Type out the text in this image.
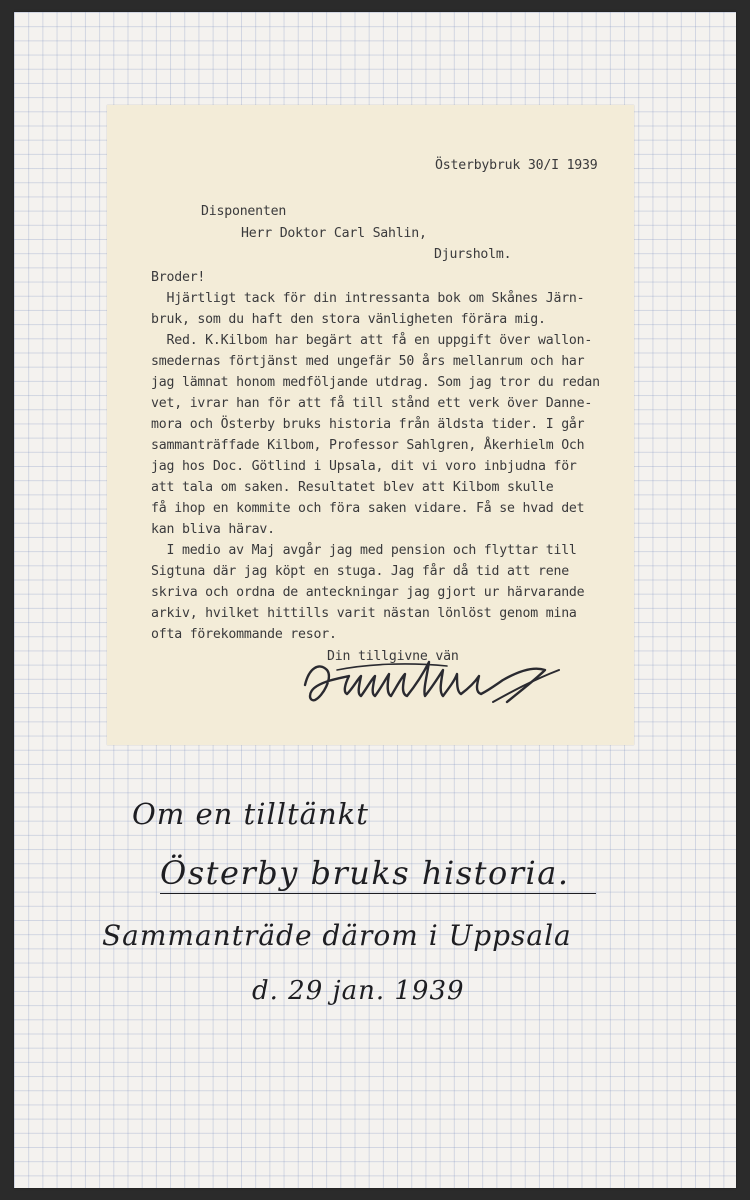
Österbybruk 30/I 1939
Disponenten
Herr Doktor Carl Sahlin,
Djursholm.
Broder!
Hjärtligt tack för din intressanta bok om Skånes Järn-
bruk, som du haft den stora vänligheten förära mig.
Red. K.Kilbom har begärt att få en uppgift över wallon-
smedernas förtjänst med ungefär 50 års mellanrum och har
jag lämnat honom medföljande utdrag. Som jag tror du redan
vet, ivrar han för att få till stånd ett verk över Danne-
mora och Österby bruks historia från äldsta tider. I går
sammanträffade Kilbom, Professor Sahlgren, Åkerhielm Och
jag hos Doc. Götlind i Upsala, dit vi voro inbjudna för
att tala om saken. Resultatet blev att Kilbom skulle
få ihop en kommite och föra saken vidare. Få se hvad det
kan bliva härav.
I medio av Maj avgår jag med pension och flyttar till
Sigtuna där jag köpt en stuga. Jag får då tid att rene
skriva och ordna de anteckningar jag gjort ur härvarande
arkiv, hvilket hittills varit nästan lönlöst genom mina
ofta förekommande resor.
Din tillgivne vän
Om en tilltänkt
Österby bruks historia.
Sammanträde därom i Uppsala
d. 29 jan. 1939
